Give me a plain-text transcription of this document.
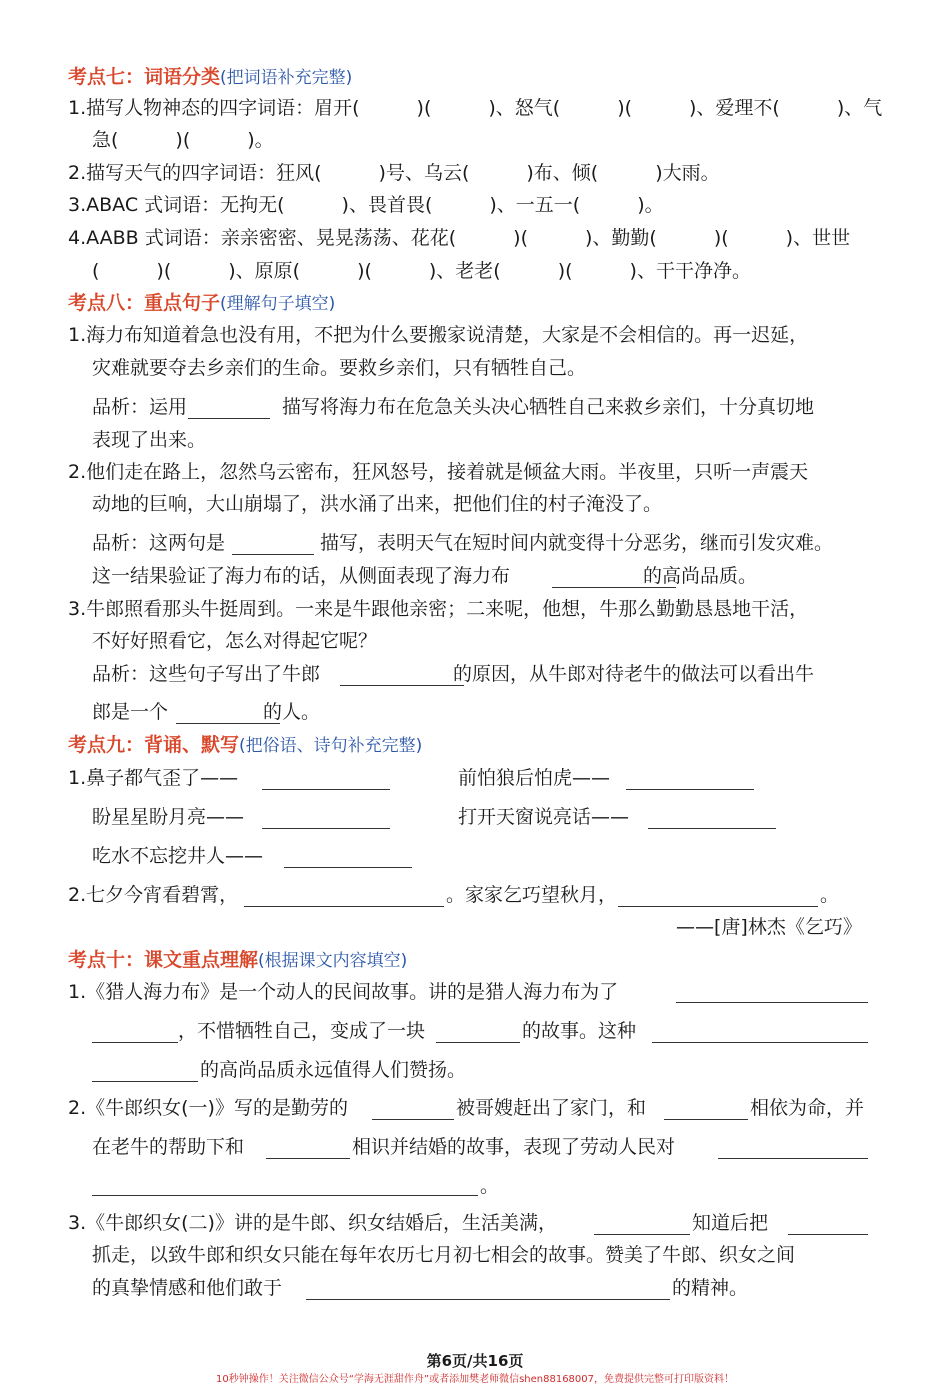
考点七：词语分类(把词语补充完整)
1.描写人物神态的四字词语：眉开(　　　)(　　　)、怒气(　　　)(　　　)、爱理不(　　　)、气
急(　　　)(　　　)。
2.描写天气的四字词语：狂风(　　　)号、乌云(　　　)布、倾(　　　)大雨。
3.ABAC 式词语：无拘无(　　　)、畏首畏(　　　)、一五一(　　　)。
4.AABB 式词语：亲亲密密、晃晃荡荡、花花(　　　)(　　　)、勤勤(　　　)(　　　)、世世
(　　　)(　　　)、原原(　　　)(　　　)、老老(　　　)(　　　)、干干净净。
考点八：重点句子(理解句子填空)
1.海力布知道着急也没有用，不把为什么要搬家说清楚，大家是不会相信的。再一迟延，
灾难就要夺去乡亲们的生命。要救乡亲们，只有牺牲自己。
品析：运用　　　　　描写将海力布在危急关头决心牺牲自己来救乡亲们，十分真切地
表现了出来。
2.他们走在路上，忽然乌云密布，狂风怒号，接着就是倾盆大雨。半夜里，只听一声震天
动地的巨响，大山崩塌了，洪水涌了出来，把他们住的村子淹没了。
品析：这两句是　　　　　描写，表明天气在短时间内就变得十分恶劣，继而引发灾难。
这一结果验证了海力布的话，从侧面表现了海力布　　　　　　　的高尚品质。
3.牛郎照看那头牛挺周到。一来是牛跟他亲密；二来呢，他想，牛那么勤勤恳恳地干活，
不好好照看它，怎么对得起它呢？
品析：这些句子写出了牛郎　　　　　　　的原因，从牛郎对待老牛的做法可以看出牛
郎是一个　　　　　的人。
考点九：背诵、默写(把俗语、诗句补充完整)
1.鼻子都气歪了——	前怕狼后怕虎——
盼星星盼月亮——	打开天窗说亮话——
吃水不忘挖井人——
2.七夕今宵看碧霄，	。家家乞巧望秋月，	。
——[唐]林杰《乞巧》
考点十：课文重点理解(根据课文内容填空)
1.《猎人海力布》是一个动人的民间故事。讲的是猎人海力布为了
，不惜牺牲自己，变成了一块	的故事。这种
的高尚品质永远值得人们赞扬。
2.《牛郎织女(一)》写的是勤劳的	被哥嫂赶出了家门，和	相依为命，并
在老牛的帮助下和	相识并结婚的故事，表现了劳动人民对
。
3.《牛郎织女(二)》讲的是牛郎、织女结婚后，生活美满，	知道后把
抓走，以致牛郎和织女只能在每年农历七月初七相会的故事。赞美了牛郎、织女之间
的真挚情感和他们敢于	的精神。
第6页/共16页
10秒钟操作！关注微信公众号“学海无涯甜作舟”或者添加樊老师微信shen88168007，免费提供完整可打印版资料！
